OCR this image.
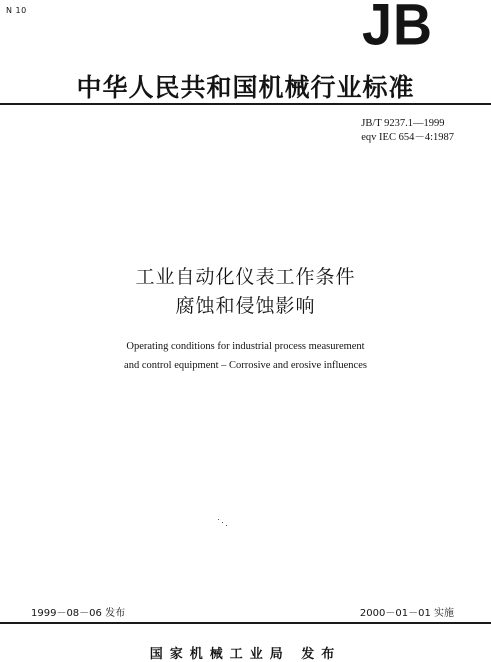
N 10	JB
中华人民共和国机械行业标准
JB/T 9237.1—1999
eqv IEC 654－4:1987
工业自动化仪表工作条件
腐蚀和侵蚀影响
Operating conditions for industrial process measurement
and control equipment – Corrosive and erosive influences
1999－08－06 发布	2000－01－01 实施
国家机械工业局 发布
